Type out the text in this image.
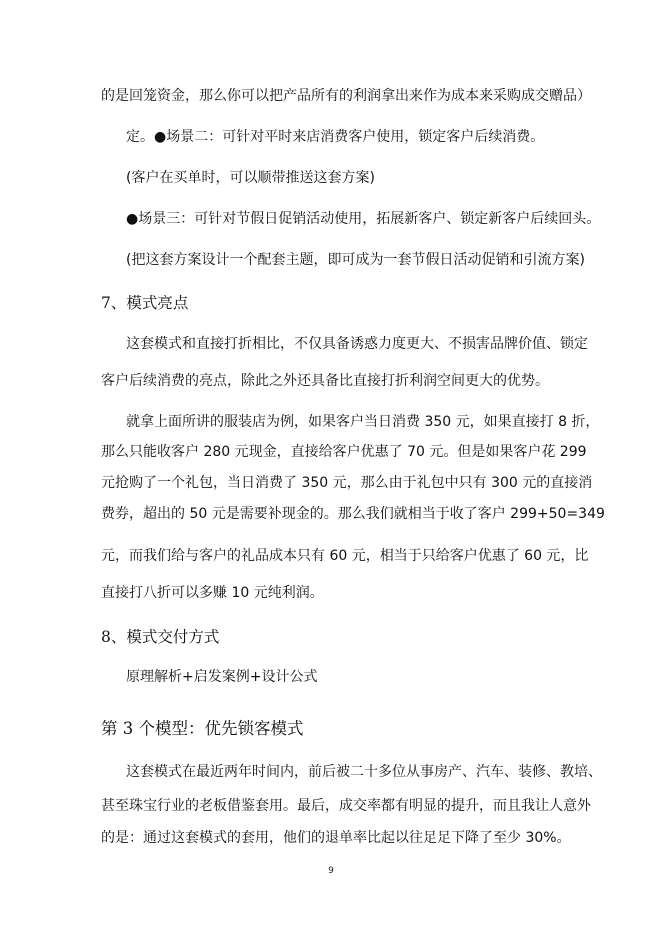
的是回笼资金，那么你可以把产品所有的利润拿出来作为成本来采购成交赠品）
定。●场景二：可针对平时来店消费客户使用，锁定客户后续消费。
(客户在买单时，可以顺带推送这套方案)
●场景三：可针对节假日促销活动使用，拓展新客户、锁定新客户后续回头。
(把这套方案设计一个配套主题，即可成为一套节假日活动促销和引流方案)
7、模式亮点
这套模式和直接打折相比，不仅具备诱惑力度更大、不损害品牌价值、锁定
客户后续消费的亮点，除此之外还具备比直接打折利润空间更大的优势。
就拿上面所讲的服装店为例，如果客户当日消费 350 元，如果直接打 8 折，
那么只能收客户 280 元现金，直接给客户优惠了 70 元。但是如果客户花 299
元抢购了一个礼包，当日消费了 350 元，那么由于礼包中只有 300 元的直接消
费券，超出的 50 元是需要补现金的。那么我们就相当于收了客户 299+50=349
元，而我们给与客户的礼品成本只有 60 元，相当于只给客户优惠了 60 元，比
直接打八折可以多赚 10 元纯利润。
8、模式交付方式
原理解析+启发案例+设计公式
第 3 个模型：优先锁客模式
这套模式在最近两年时间内，前后被二十多位从事房产、汽车、装修、教培、
甚至珠宝行业的老板借鉴套用。最后，成交率都有明显的提升，而且我让人意外
的是：通过这套模式的套用，他们的退单率比起以往足足下降了至少 30%。
9
